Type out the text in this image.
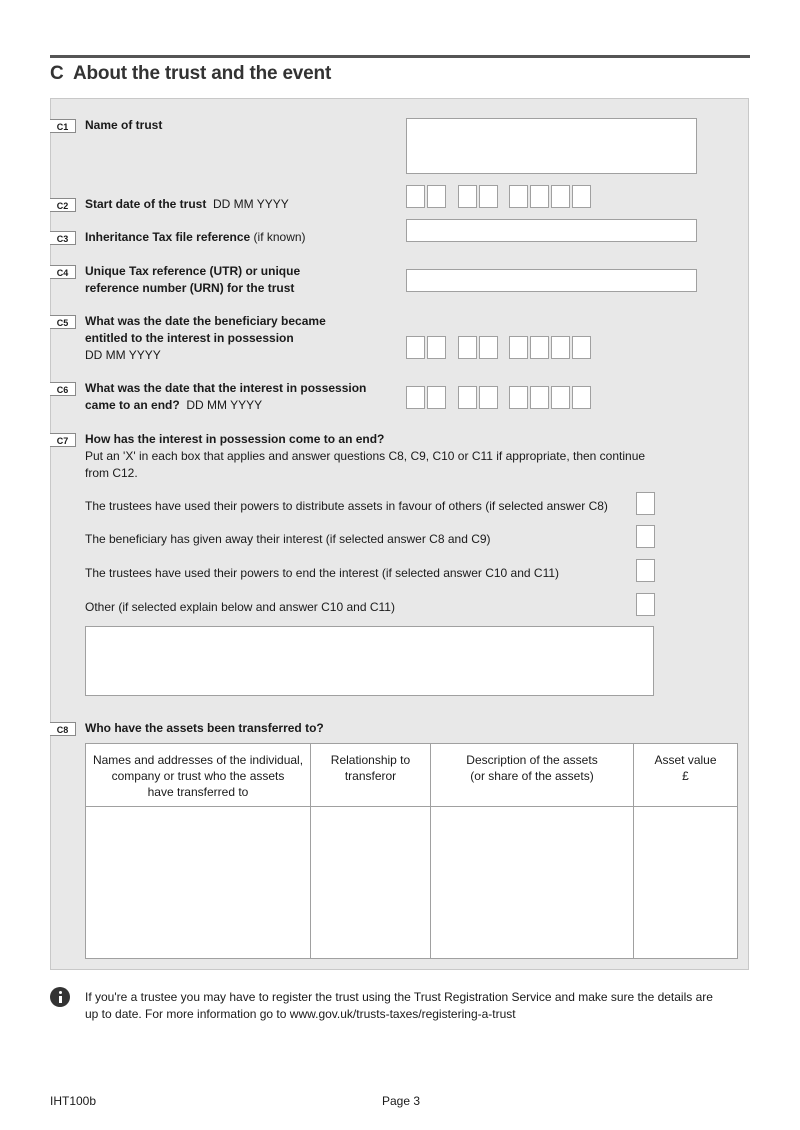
C About the trust and the event
C1	Name of trust
C2	Start date of the trust DD MM YYYY
C3	Inheritance Tax file reference (if known)
C4	Unique Tax reference (UTR) or unique
reference number (URN) for the trust
C5	What was the date the beneficiary became
entitled to the interest in possession
DD MM YYYY
C6	What was the date that the interest in possession
came to an end? DD MM YYYY
C7	How has the interest in possession come to an end?
Put an 'X' in each box that applies and answer questions C8, C9, C10 or C11 if appropriate, then continue
from C12.
The trustees have used their powers to distribute assets in favour of others (if selected answer C8)
The beneficiary has given away their interest (if selected answer C8 and C9)
The trustees have used their powers to end the interest (if selected answer C10 and C11)
Other (if selected explain below and answer C10 and C11)
C8	Who have the assets been transferred to?
Names and addresses of the individual,
company or trust who the assets
have transferred to	Relationship to
transferor	Description of the assets
(or share of the assets)	Asset value
£

If you're a trustee you may have to register the trust using the Trust Registration Service and make sure the details are
up to date. For more information go to www.gov.uk/trusts-taxes/registering-a-trust
IHT100b	Page 3
